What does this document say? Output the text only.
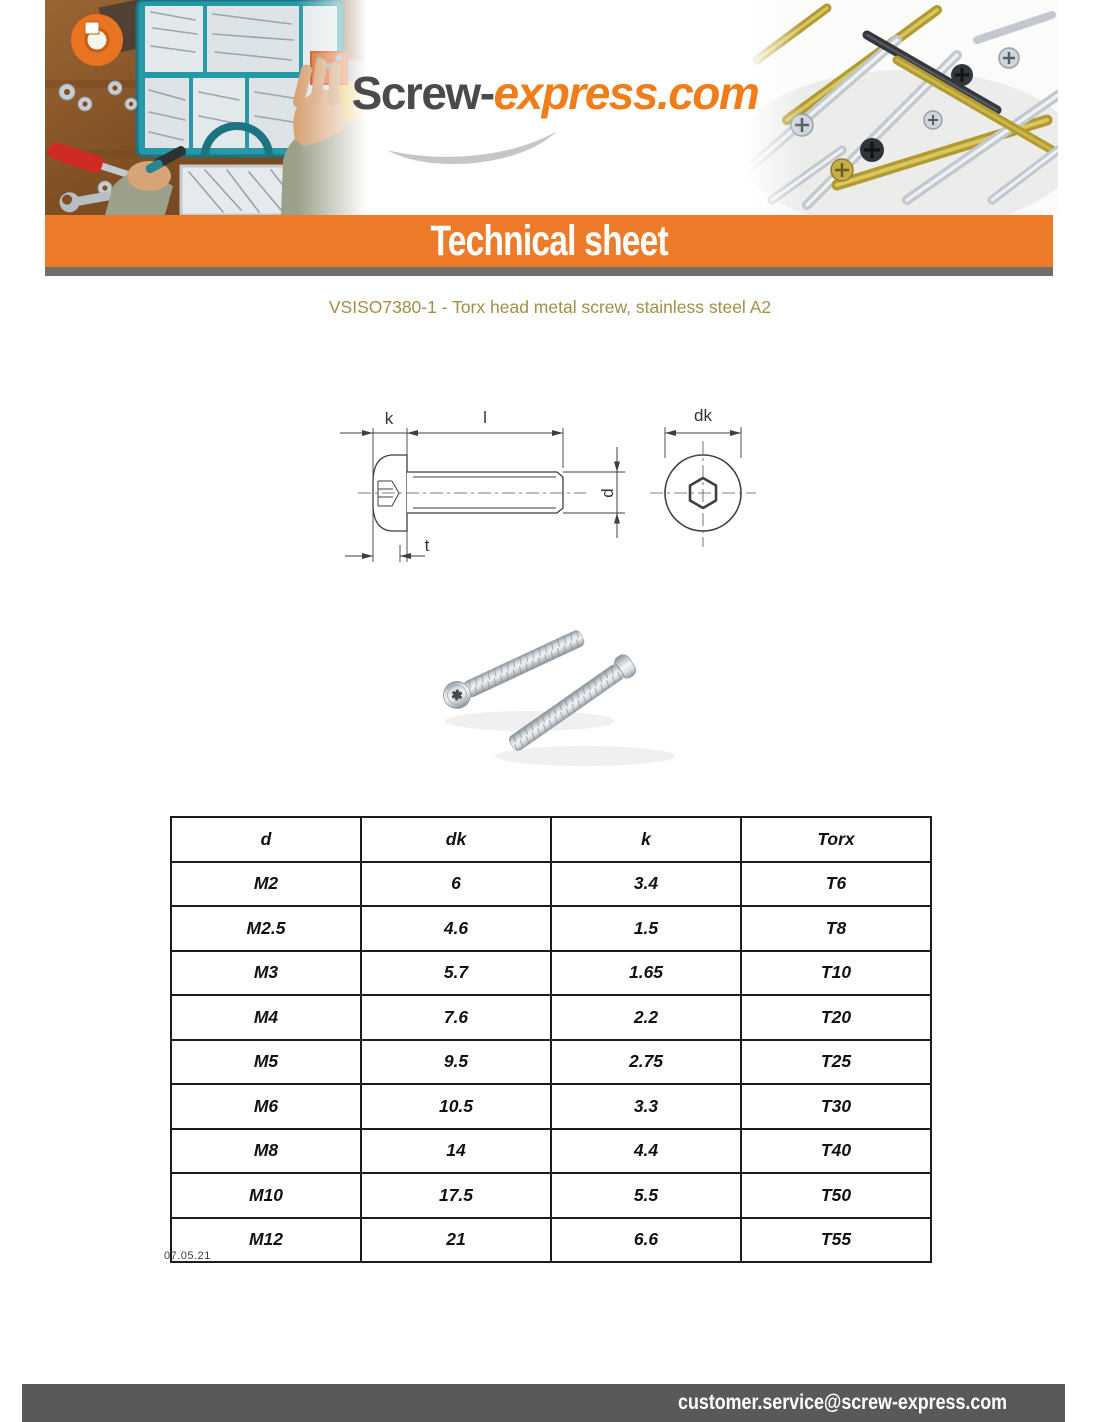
Screw-express.com
Technical sheet
VSISO7380-1 - Torx head metal screw, stainless steel A2
k	l	dk
t
d
d	dk	k	Torx
M2	6	3.4	T6
M2.5	4.6	1.5	T8
M3	5.7	1.65	T10
M4	7.6	2.2	T20
M5	9.5	2.75	T25
M6	10.5	3.3	T30
M8	14	4.4	T40
M10	17.5	5.5	T50
M12	21	6.6	T55
07.05.21
customer.service@screw-express.com
